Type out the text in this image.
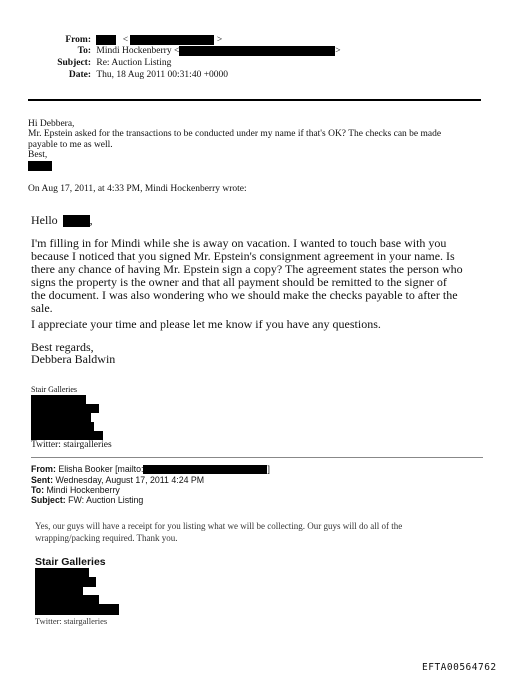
From:	<	>
To: Mindi Hockenberry <	>
Subject: Re: Auction Listing
Date: Thu, 18 Aug 2011 00:31:40 +0000
Hi Debbera,
Mr. Epstein asked for the transactions to be conducted under my name if that's OK? The checks can be made
payable to me as well.
Best,
On Aug 17, 2011, at 4:33 PM, Mindi Hockenberry wrote:
Hello	,
I'm filling in for Mindi while she is away on vacation. I wanted to touch base with you
because I noticed that you signed Mr. Epstein's consignment agreement in your name. Is
there any chance of having Mr. Epstein sign a copy? The agreement states the person who
signs the property is the owner and that all payment should be remitted to the signer of
the document. I was also wondering who we should make the checks payable to after the
sale.
I appreciate your time and please let me know if you have any questions.
Best regards,
Debbera Baldwin
Stair Galleries
Twitter: stairgalleries
From: Elisha Booker [mailto:	]
Sent: Wednesday, August 17, 2011 4:24 PM
To: Mindi Hockenberry
Subject: FW: Auction Listing
Yes, our guys will have a receipt for you listing what we will be collecting. Our guys will do all of the
wrapping/packing required. Thank you.
Stair Galleries
Twitter: stairgalleries
EFTA00564762
